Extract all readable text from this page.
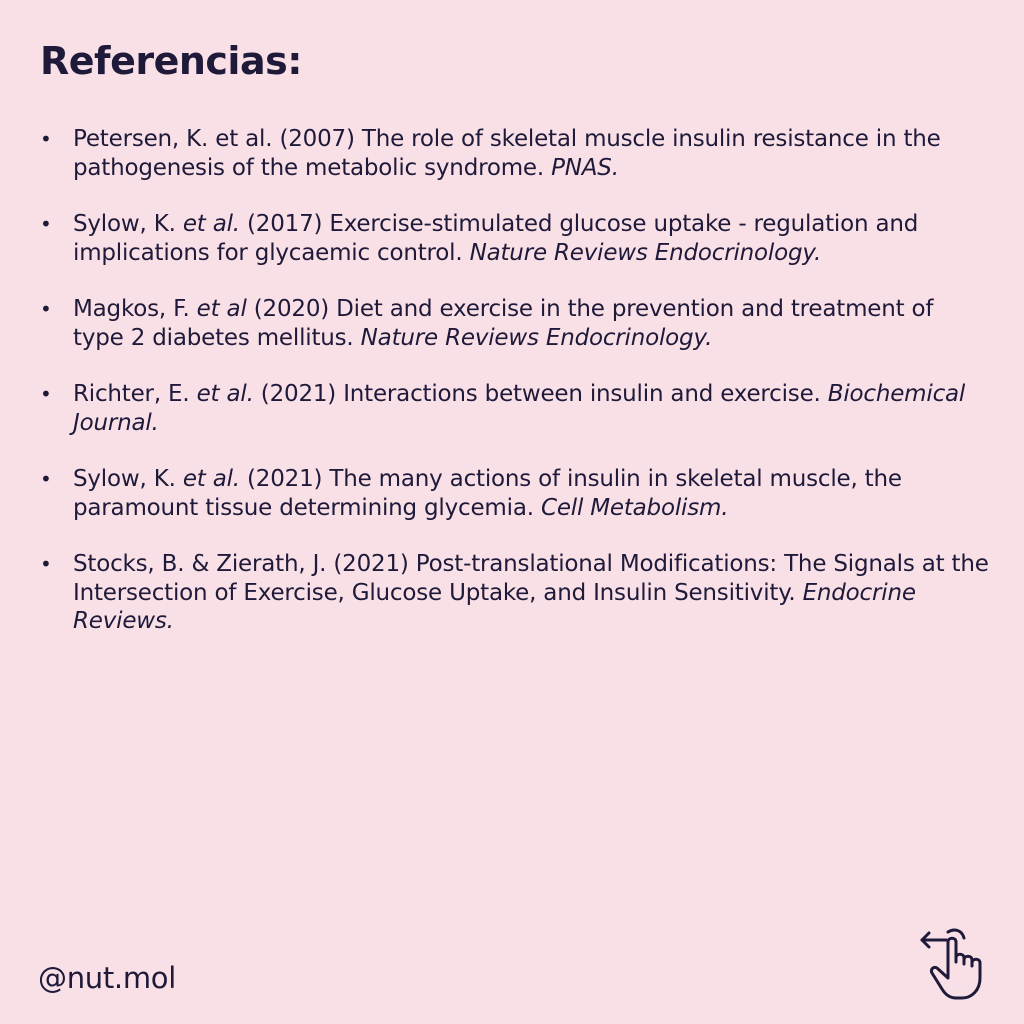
Referencias:
• Petersen, K. et al. (2007) The role of skeletal muscle insulin resistance in the pathogenesis of the metabolic syndrome. PNAS.
• Sylow, K. et al. (2017) Exercise-stimulated glucose uptake - regulation and implications for glycaemic control. Nature Reviews Endocrinology.
• Magkos, F. et al (2020) Diet and exercise in the prevention and treatment of type 2 diabetes mellitus. Nature Reviews Endocrinology.
• Richter, E. et al. (2021) Interactions between insulin and exercise. Biochemical Journal.
• Sylow, K. et al. (2021) The many actions of insulin in skeletal muscle, the paramount tissue determining glycemia. Cell Metabolism.
• Stocks, B. & Zierath, J. (2021) Post-translational Modifications: The Signals at the Intersection of Exercise, Glucose Uptake, and Insulin Sensitivity. Endocrine Reviews.
@nut.mol
